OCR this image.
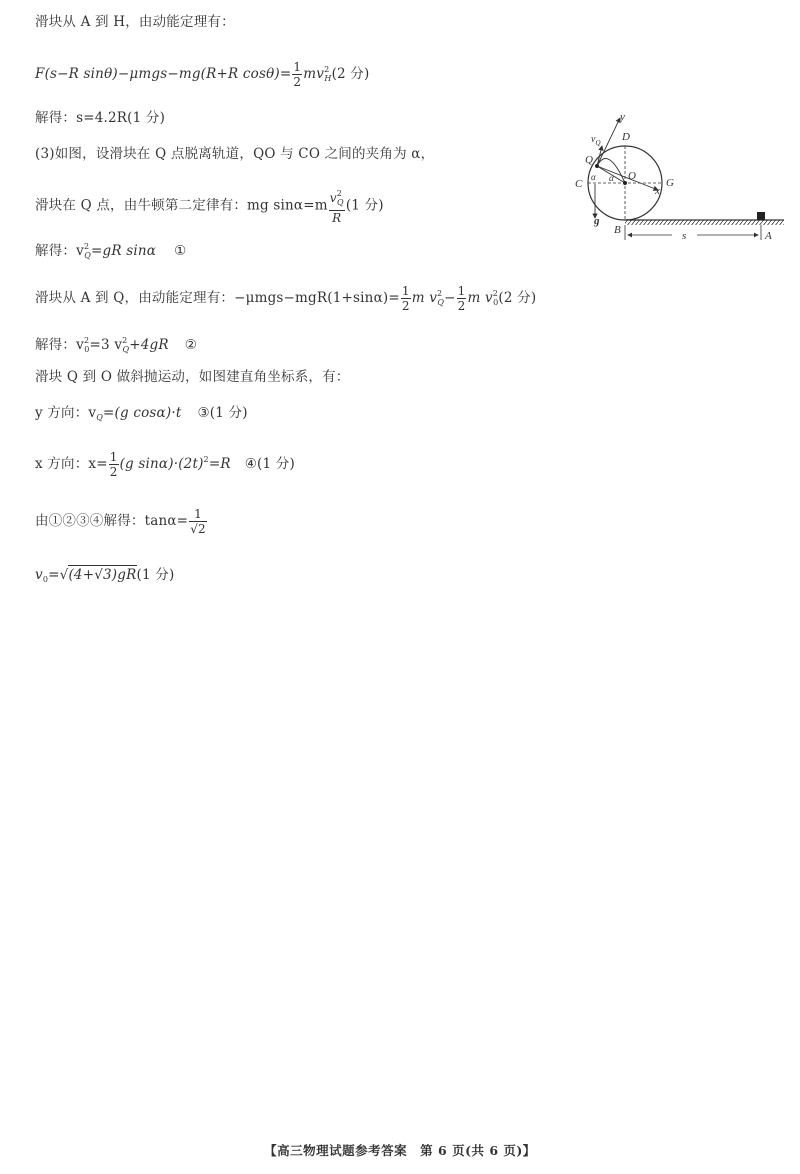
滑块从 A 到 H，由动能定理有：
F(s−R sinθ)−μmgs−mg(R+R $\cos\theta)= \frac{1}{2} mv^2_H(2$ 分)
解得：s=4.2R(1 分)
(3)如图，设滑块在 Q 点脱离轨道，QO 与 CO 之间的夹角为 α，
滑块在 Q 点，由牛顿第二定律有：mg $\sin\alpha=m \frac{v^2_Q}{R} (1$ 分)
解得：$v^2_Q=gR$ sinα ①
滑块从 A 到 Q，由动能定理有：$-\mu mgs-mgR(1+\sin\alpha)= \frac{1}{2}$ m $v^2_Q- \frac{1}{2}$ m $v^2_0(2$ 分)
解得：$v^2_0=3$ $v^2_Q+4gR$ ②
滑块 Q 到 O 做斜抛运动，如图建直角坐标系，有：
y 方向：$v_Q=(g$ cosα)·t ③(1 分)
x 方向：$x= \frac{1}{2} (g$ $\sin\alpha)\cdot(2t)^2=R$ ④(1 分)
由①②③④解得：$\tan\alpha= \frac{1}{√2}$
$v_0=√(4+√3)gR(1$ 分)
y
$v_Q$ D
Q
C
α α O
x
G
g
B	s	A
【高三物理试题参考答案　第 6 页(共 6 页)】
